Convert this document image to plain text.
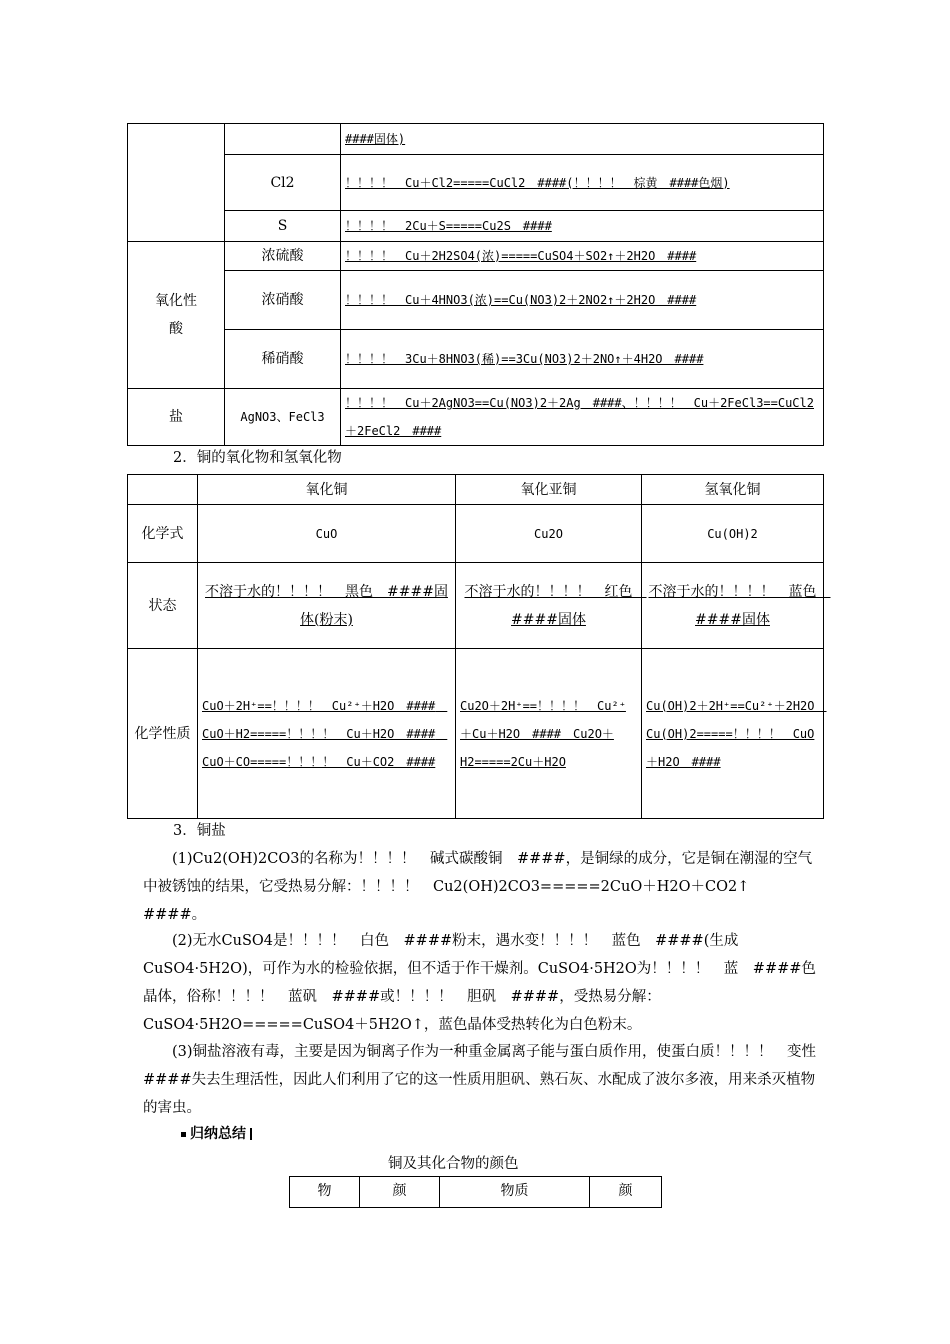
		####固体)
	Cl2	！！！！　Cu＋Cl2=====CuCl2　####(！！！！　棕黄　####色烟)
	S	！！！！　2Cu＋S=====Cu2S　####
氧化性酸	浓硫酸	！！！！　Cu＋2H2SO4(浓)=====CuSO4＋SO2↑＋2H2O　####
	浓硝酸	！！！！　Cu＋4HNO3(浓)==Cu(NO3)2＋2NO2↑＋2H2O　####
	稀硝酸	！！！！　3Cu＋8HNO3(稀)==3Cu(NO3)2＋2NO↑＋4H2O　####
盐	AgNO3、FeCl3	！！！！　Cu＋2AgNO3==Cu(NO3)2＋2Ag　####、！！！！　Cu＋2FeCl3==CuCl2＋2FeCl2　####
2．铜的氧化物和氢氧化物
	氧化铜	氧化亚铜	氢氧化铜
化学式	CuO	Cu2O	Cu(OH)2
状态	不溶于水的！！！！　黑色　####固体(粉末)	不溶于水的！！！！　红色　####固体	不溶于水的！！！！　蓝色　####固体
化学性质	CuO＋2H⁺==！！！！　Cu²⁺＋H2O　####　CuO＋H2=====！！！！　Cu＋H2O　####　CuO＋CO=====！！！！　Cu＋CO2　####	Cu2O＋2H⁺==！！！！　Cu²⁺＋Cu＋H2O　####　Cu2O＋H2=====2Cu＋H2O	Cu(OH)2＋2H⁺==Cu²⁺＋2H2O　Cu(OH)2=====！！！！　CuO＋H2O　####
3．铜盐
(1)Cu2(OH)2CO3的名称为！！！！　碱式碳酸铜　####，是铜绿的成分，它是铜在潮湿的空气中被锈蚀的结果，它受热易分解：！！！！　Cu2(OH)2CO3=====2CuO＋H2O＋CO2↑　####。
(2)无水CuSO4是！！！！　白色　####粉末，遇水变！！！！　蓝色　####(生成CuSO4·5H2O)，可作为水的检验依据，但不适于作干燥剂。CuSO4·5H2O为！！！！　蓝　####色晶体，俗称！！！！　蓝矾　####或！！！！　胆矾　####，受热易分解：CuSO4·5H2O=====CuSO4＋5H2O↑，蓝色晶体受热转化为白色粉末。
(3)铜盐溶液有毒，主要是因为铜离子作为一种重金属离子能与蛋白质作用，使蛋白质！！！！　变性　####失去生理活性，因此人们利用了它的这一性质用胆矾、熟石灰、水配成了波尔多液，用来杀灭植物的害虫。
归纳总结
铜及其化合物的颜色
物	颜	物质	颜
